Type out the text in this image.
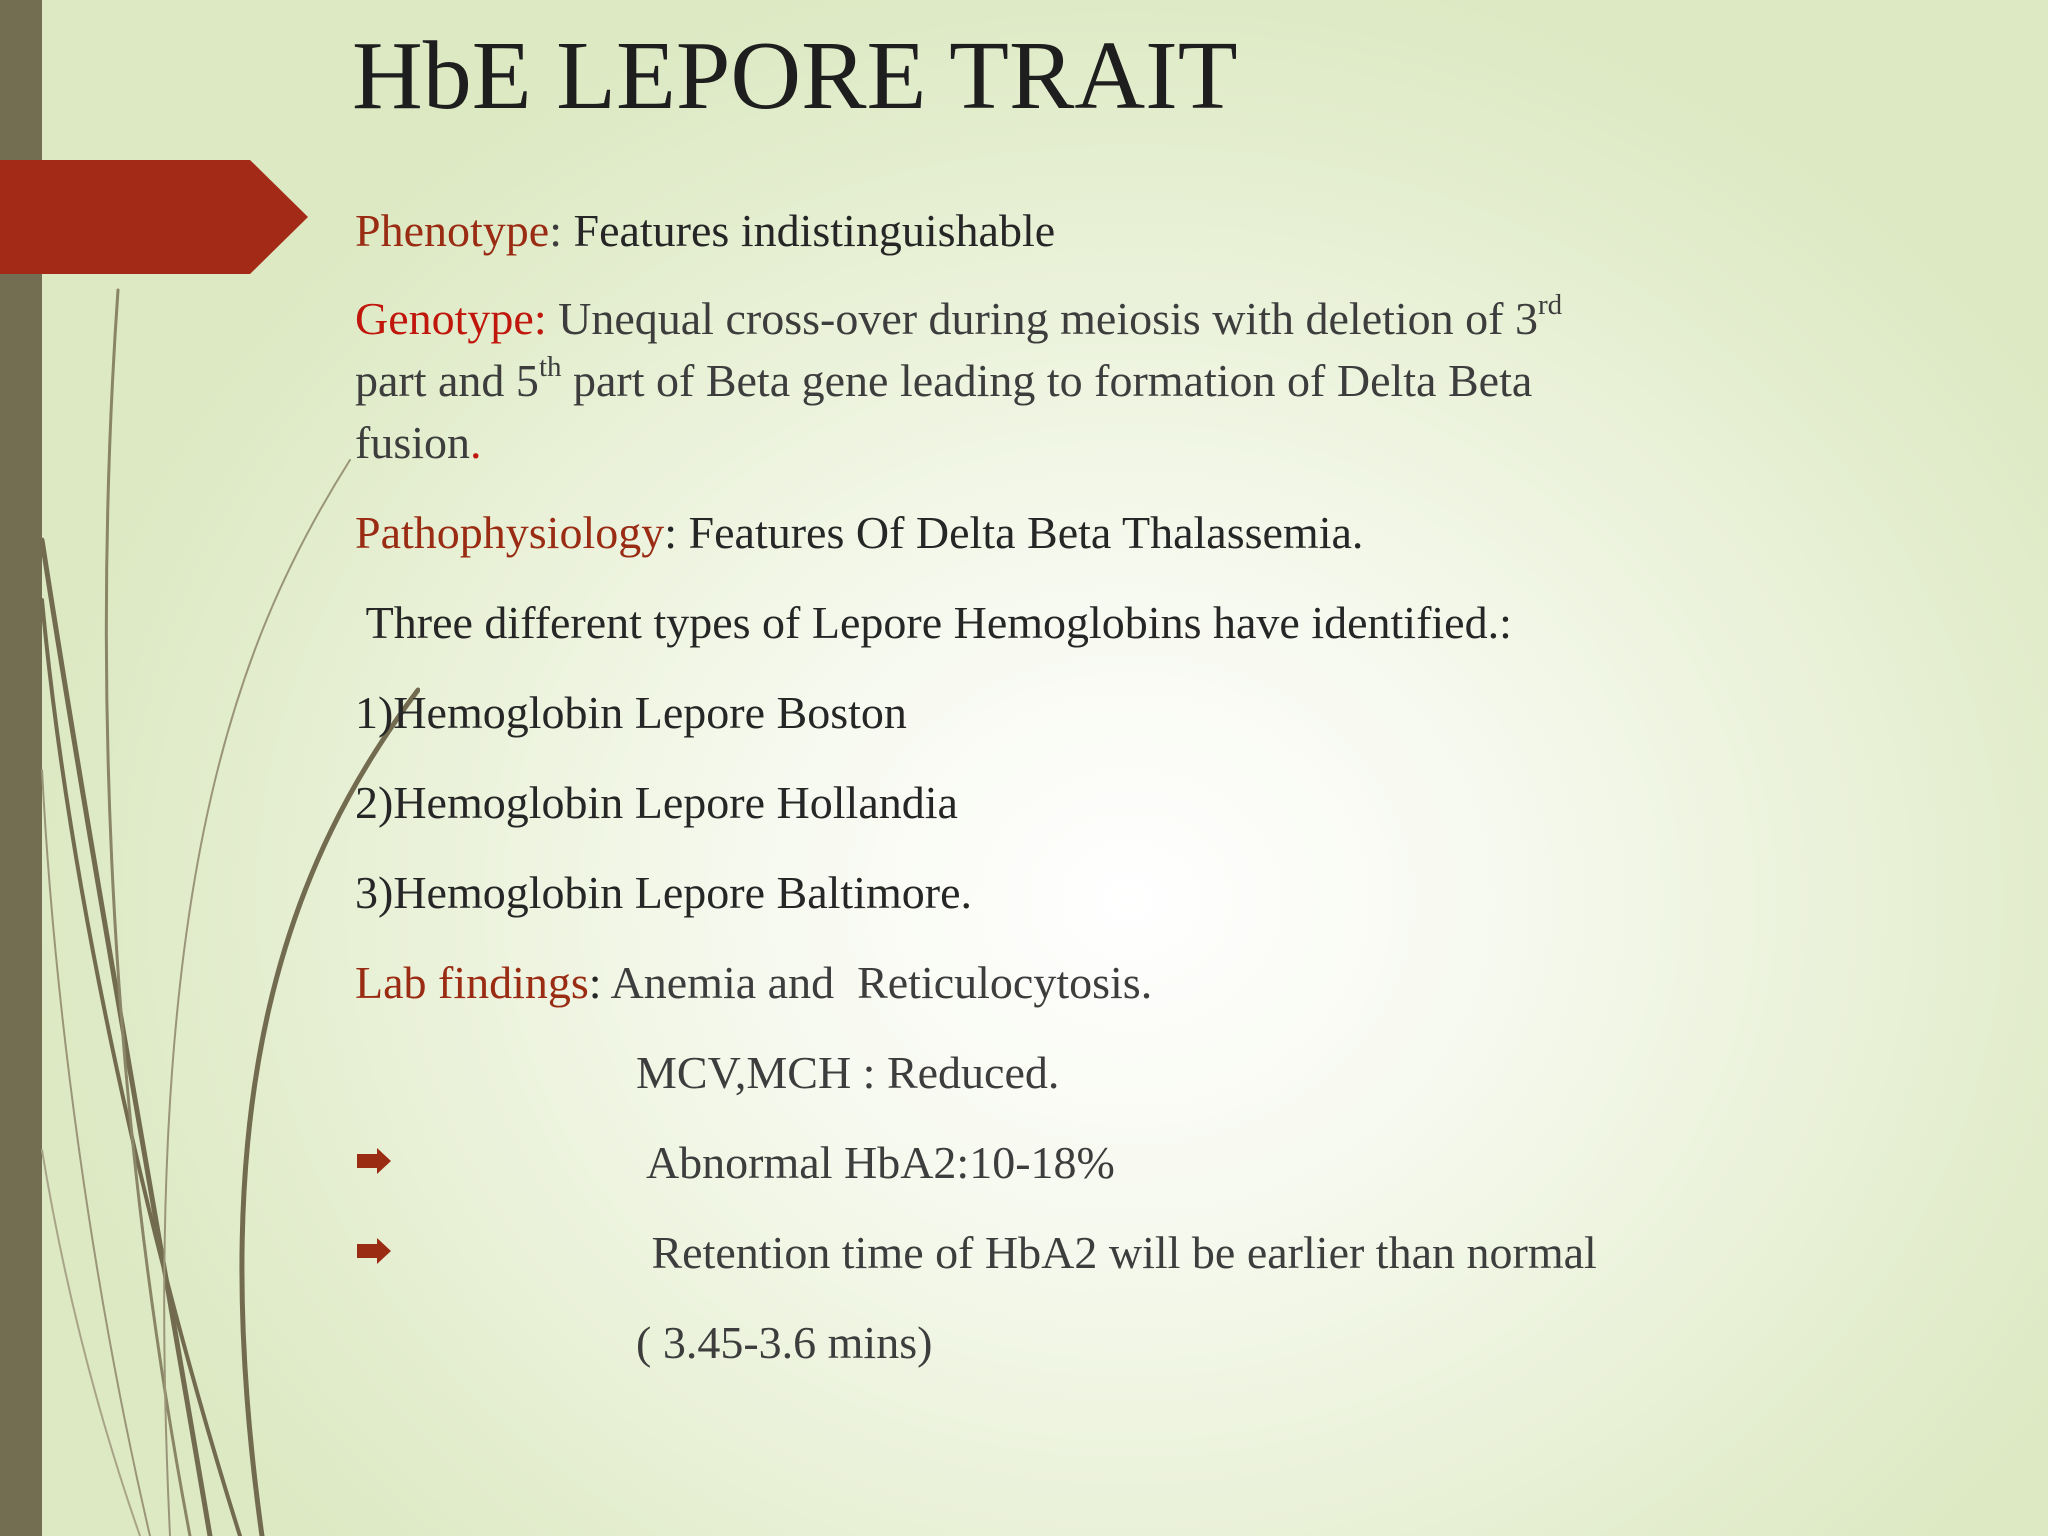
HbE LEPORE TRAIT
Phenotype: Features indistinguishable
Genotype: Unequal cross-over during meiosis with deletion of 3rd
part and 5th part of Beta gene leading to formation of Delta Beta
fusion.
Pathophysiology: Features Of Delta Beta Thalassemia.
Three different types of Lepore Hemoglobins have identified.:
1)Hemoglobin Lepore Boston
2)Hemoglobin Lepore Hollandia
3)Hemoglobin Lepore Baltimore.
Lab findings: Anemia and  Reticulocytosis.
MCV,MCH : Reduced.
Abnormal HbA2:10-18%
Retention time of HbA2 will be earlier than normal
( 3.45-3.6 mins)
